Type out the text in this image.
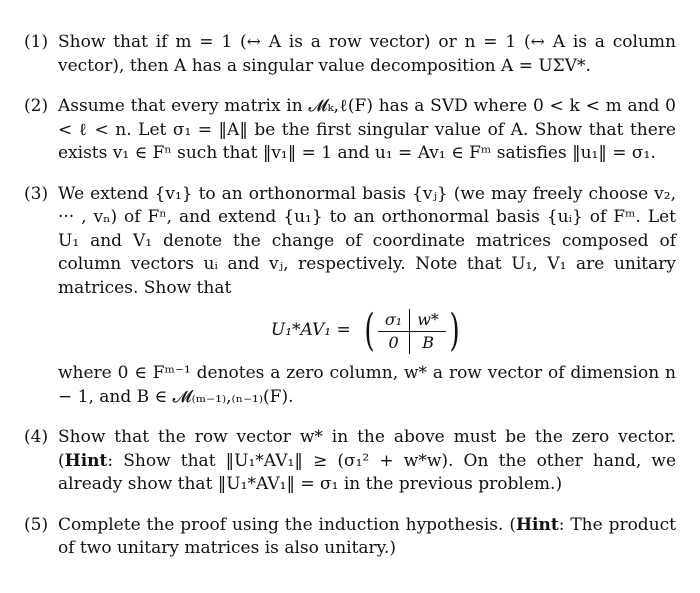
(1) Show that if m = 1 (↔ A is a row vector) or n = 1 (↔ A is a column vector), then A has a singular value decomposition A = UΣV*.
(2) Assume that every matrix in 𝓜ₖ,ℓ(F) has a SVD where 0 < k < m and 0 < ℓ < n. Let σ₁ = ‖A‖ be the first singular value of A. Show that there exists v₁ ∈ Fⁿ such that ‖v₁‖ = 1 and u₁ = Av₁ ∈ Fᵐ satisfies ‖u₁‖ = σ₁.
(3) We extend {v₁} to an orthonormal basis {vⱼ} (we may freely choose v₂, ··· , vₙ) of Fⁿ, and extend {u₁} to an orthonormal basis {uᵢ} of Fᵐ. Let U₁ and V₁ denote the change of coordinate matrices composed of column vectors uᵢ and vⱼ, respectively. Note that U₁, V₁ are unitary matrices. Show that
U₁*AV₁ = ( σ₁ w*
0	B )
where 0 ∈ Fᵐ⁻¹ denotes a zero column, w* a row vector of dimension n − 1, and B ∈ 𝓜₍ₘ₋₁₎,₍ₙ₋₁₎(F).
(4) Show that the row vector w* in the above must be the zero vector. (Hint: Show that ‖U₁*AV₁‖ ≥ (σ₁² + w*w). On the other hand, we already show that ‖U₁*AV₁‖ = σ₁ in the previous problem.)
(5) Complete the proof using the induction hypothesis. (Hint: The product of two unitary matrices is also unitary.)
